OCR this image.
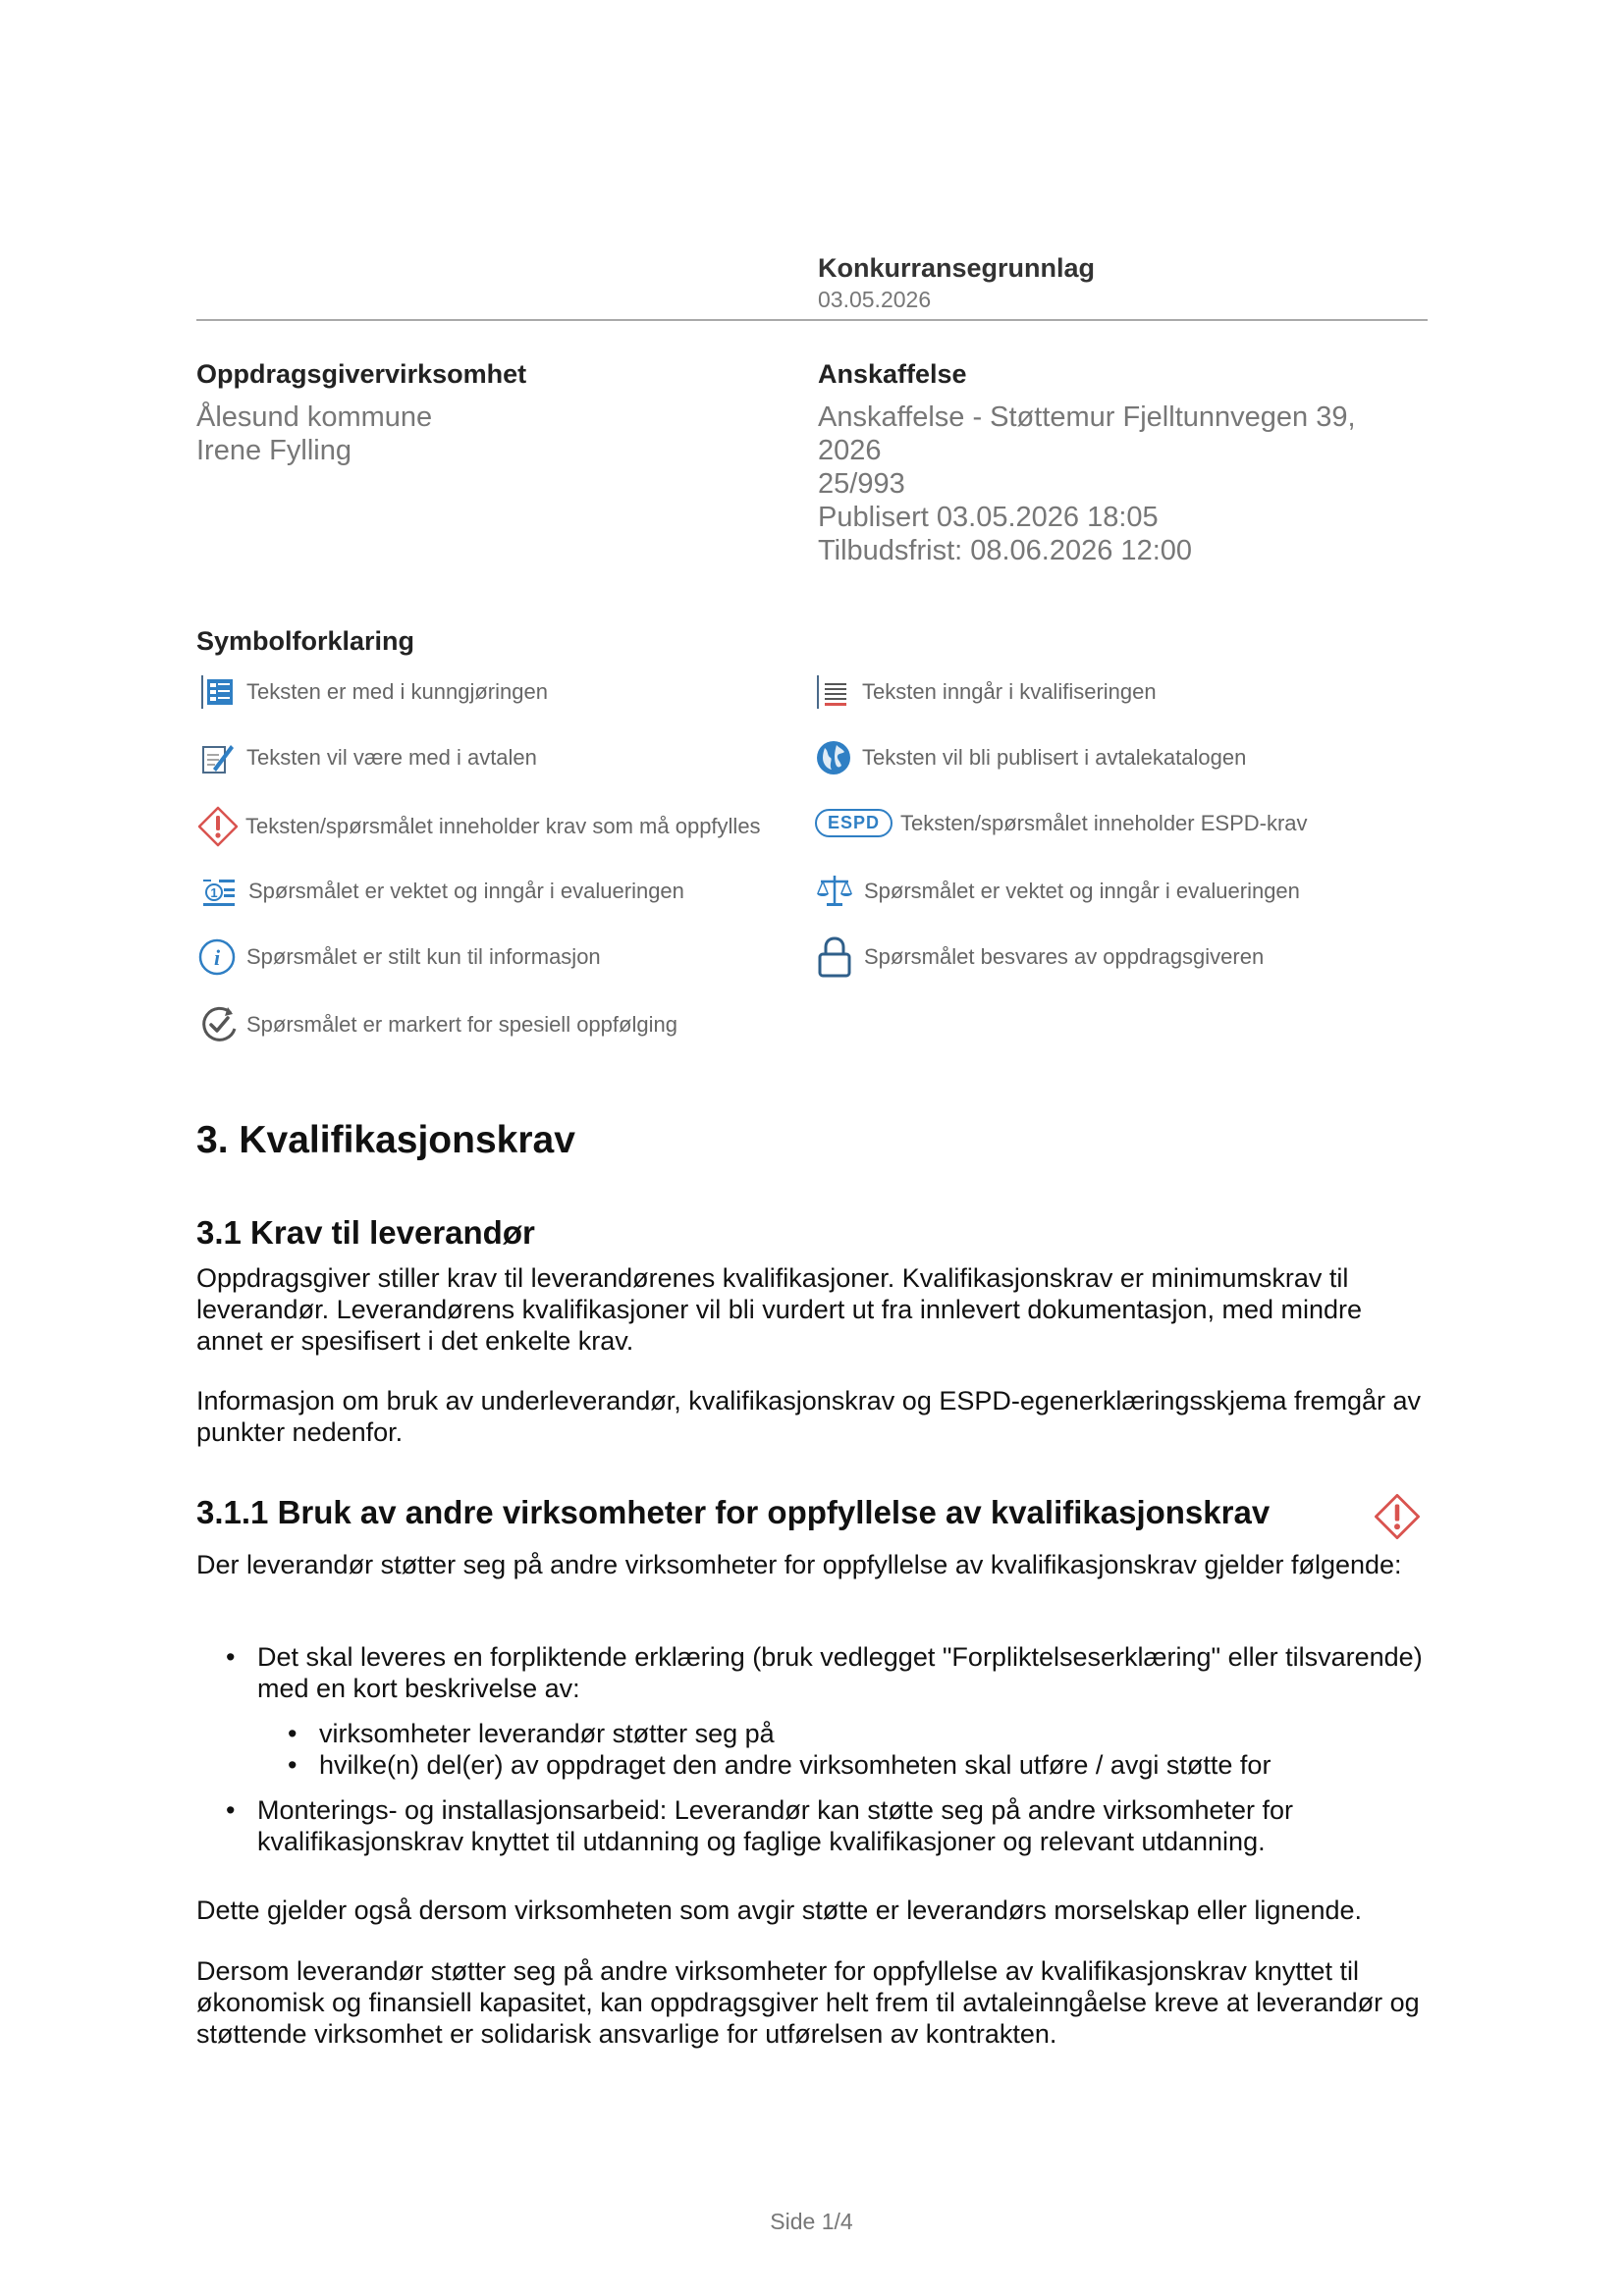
Konkurransegrunnlag
03.05.2026
Oppdragsgivervirksomhet
Ålesund kommune
Irene Fylling
Anskaffelse
Anskaffelse - Støttemur Fjelltunnvegen 39,
2026
25/993
Publisert 03.05.2026 18:05
Tilbudsfrist: 08.06.2026 12:00
Symbolforklaring
Teksten er med i kunngjøringen	Teksten inngår i kvalifiseringen
Teksten vil være med i avtalen	Teksten vil bli publisert i avtalekatalogen
Teksten/spørsmålet inneholder krav som må oppfylles	ESPD Teksten/spørsmålet inneholder ESPD-krav
1 Spørsmålet er vektet og inngår i evalueringen	Spørsmålet er vektet og inngår i evalueringen
i Spørsmålet er stilt kun til informasjon	Spørsmålet besvares av oppdragsgiveren
Spørsmålet er markert for spesiell oppfølging
3. Kvalifikasjonskrav
3.1 Krav til leverandør
Oppdragsgiver stiller krav til leverandørenes kvalifikasjoner. Kvalifikasjonskrav er minimumskrav til leverandør. Leverandørens kvalifikasjoner vil bli vurdert ut fra innlevert dokumentasjon, med mindre annet er spesifisert i det enkelte krav.
Informasjon om bruk av underleverandør, kvalifikasjonskrav og ESPD-egenerklæringsskjema fremgår av punkter nedenfor.
3.1.1 Bruk av andre virksomheter for oppfyllelse av kvalifikasjonskrav
Der leverandør støtter seg på andre virksomheter for oppfyllelse av kvalifikasjonskrav gjelder følgende:
• Det skal leveres en forpliktende erklæring (bruk vedlegget "Forpliktelseserklæring" eller tilsvarende) med en kort beskrivelse av:
• virksomheter leverandør støtter seg på
• hvilke(n) del(er) av oppdraget den andre virksomheten skal utføre / avgi støtte for
• Monterings- og installasjonsarbeid: Leverandør kan støtte seg på andre virksomheter for kvalifikasjonskrav knyttet til utdanning og faglige kvalifikasjoner og relevant utdanning.
Dette gjelder også dersom virksomheten som avgir støtte er leverandørs morselskap eller lignende.
Dersom leverandør støtter seg på andre virksomheter for oppfyllelse av kvalifikasjonskrav knyttet til økonomisk og finansiell kapasitet, kan oppdragsgiver helt frem til avtaleinngåelse kreve at leverandør og støttende virksomhet er solidarisk ansvarlige for utførelsen av kontrakten.
Side 1/4
